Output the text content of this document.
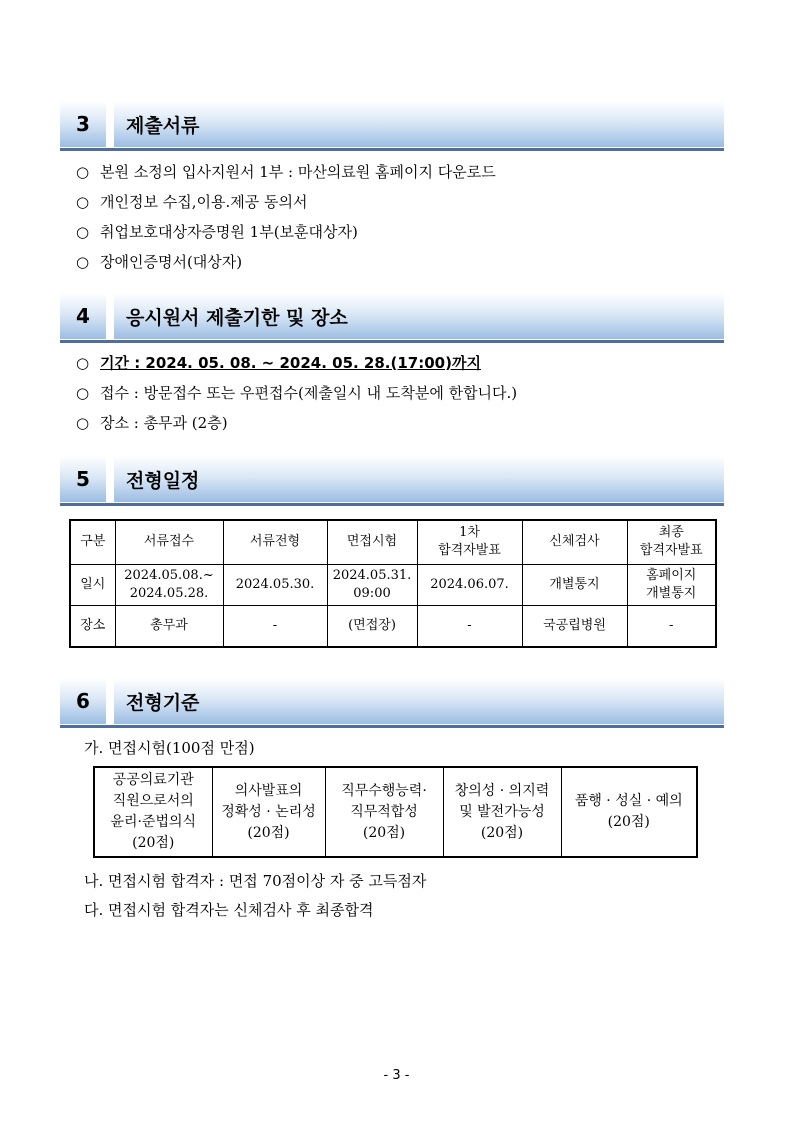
3	제출서류
○ 본원 소정의 입사지원서 1부 : 마산의료원 홈페이지 다운로드
○ 개인정보 수집,이용.제공 동의서
○ 취업보호대상자증명원 1부(보훈대상자)
○ 장애인증명서(대상자)
4	응시원서 제출기한 및 장소
○ 기간 : 2024. 05. 08. ~ 2024. 05. 28.(17:00)까지
○ 접수 : 방문접수 또는 우편접수(제출일시 내 도착분에 한합니다.)
○ 장소 : 총무과 (2층)
5	전형일정
구분	서류접수	서류전형	면접시험	1차
합격자발표	신체검사	최종
합격자발표
일시	2024.05.08.~
2024.05.28.	2024.05.30.	2024.05.31.
09:00	2024.06.07.	개별통지	홈페이지
개별통지
장소	총무과	-	(면접장)	-	국공립병원	-
6	전형기준
가. 면접시험(100점 만점)
공공의료기관
직원으로서의
윤리·준법의식
(20점)	의사발표의
정확성 · 논리성
(20점)	직무수행능력·
직무적합성
(20점)	창의성 · 의지력
및 발전가능성
(20점)	품행 · 성실 · 예의
(20점)
나. 면접시험 합격자 : 면접 70점이상 자 중 고득점자
다. 면접시험 합격자는 신체검사 후 최종합격
- 3 -
